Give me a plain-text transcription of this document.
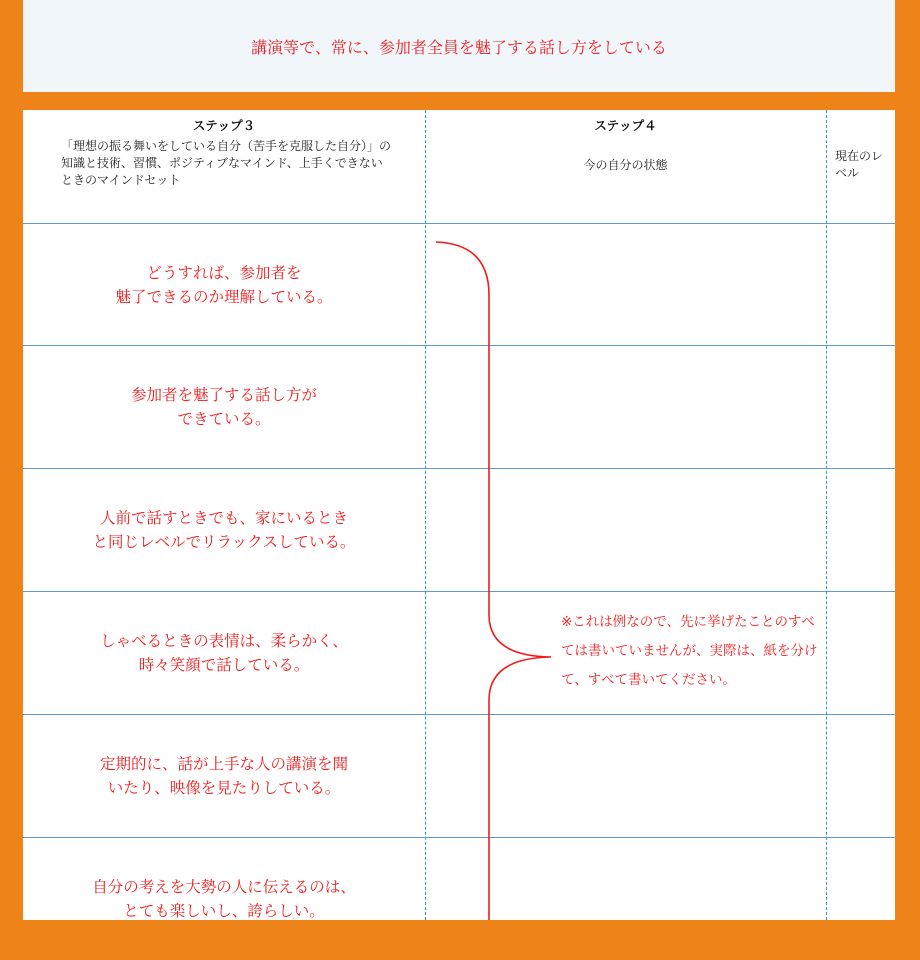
講演等で、常に、参加者全員を魅了する話し方をしている
ステップ３
「理想の振る舞いをしている自分（苦手を克服した自分）」の知識と技術、習慣、ポジティブなマインド、上手くできないときのマインドセット
ステップ４
今の自分の状態
現在のレベル
どうすれば、参加者を
魅了できるのか理解している。
参加者を魅了する話し方が
できている。
人前で話すときでも、家にいるとき
と同じレベルでリラックスしている。
しゃべるときの表情は、柔らかく、
時々笑顔で話している。
定期的に、話が上手な人の講演を聞
いたり、映像を見たりしている。
自分の考えを大勢の人に伝えるのは、
とても楽しいし、誇らしい。
※これは例なので、先に挙げたことのすべては書いていませんが、実際は、紙を分けて、すべて書いてください。
